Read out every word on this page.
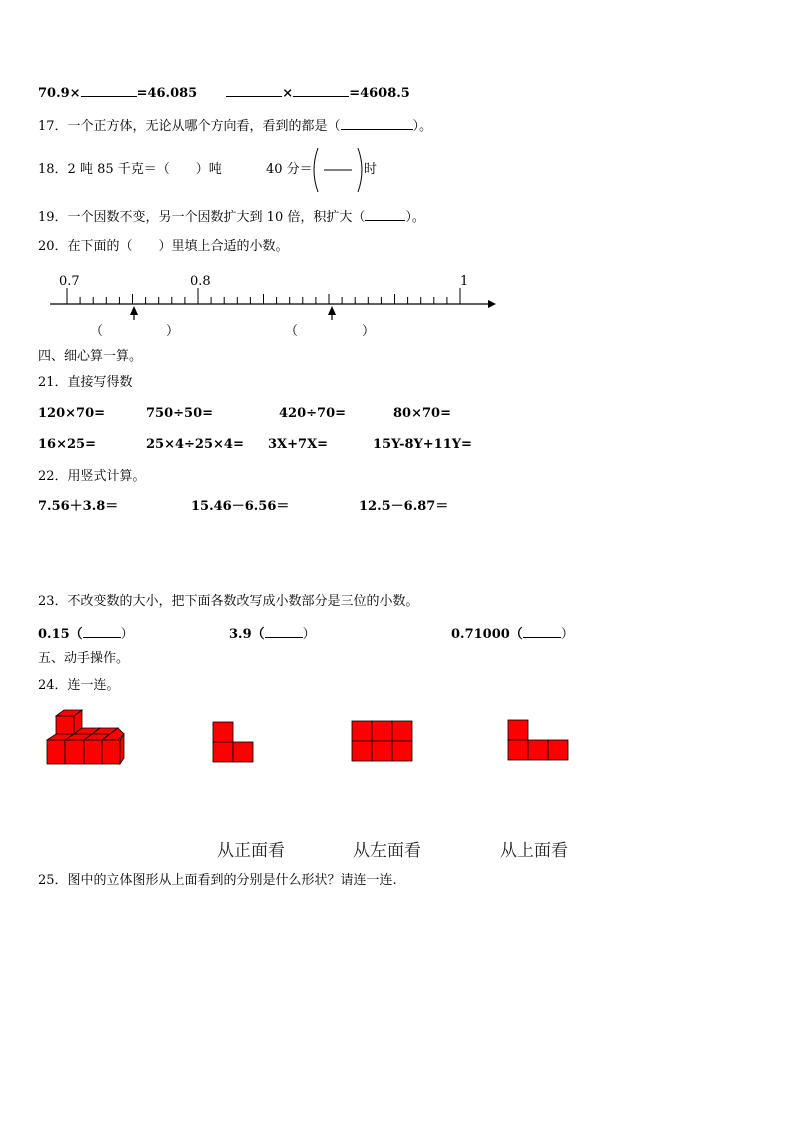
70.9×	=46.085	×	=4608.5
17．一个正方体，无论从哪个方向看，看到的都是（	）。
18．2 吨 85 千克＝（　　）吨	40 分＝	时
19．一个因数不变，另一个因数扩大到 10 倍，积扩大（	）。
20．在下面的（　　）里填上合适的小数。
0.7	0.8	1
（	）	（	）
四、细心算一算。
21．直接写得数
120×70=	750÷50=	420÷70=	80×70=
16×25=	25×4÷25×4= 3X+7X=	15Y-8Y+11Y=
22．用竖式计算。
7.56＋3.8＝	15.46－6.56＝	12.5－6.87＝
23．不改变数的大小，把下面各数改写成小数部分是三位的小数。
0.15（	）	3.9（	）	0.71000（	）
五、动手操作。
24．连一连。
从正面看	从左面看	从上面看
25．图中的立体图形从上面看到的分别是什么形状？请连一连.
